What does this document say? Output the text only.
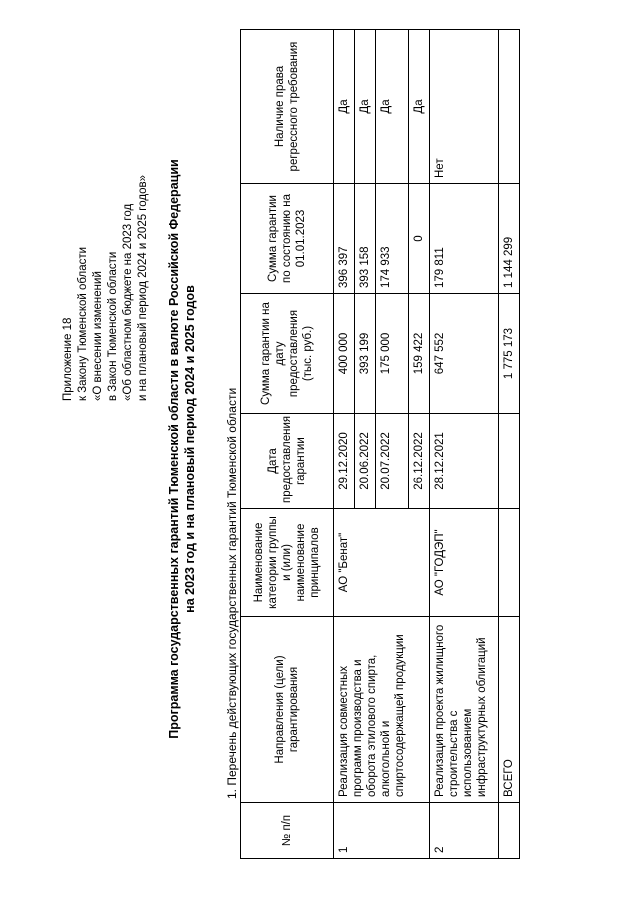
Приложение 18 к Закону Тюменской области «О внесении изменений в Закон Тюменской области «Об областном бюджете на 2023 год и на плановый период 2024 и 2025 годов» Программа государственных гарантий Тюменской области в валюте Российской Федерации на 2023 год и на плановый период 2024 и 2025 годов 1. Перечень действующих государственных гарантий Тюменской области
№ п/п	Направления (цели) гарантирования	Наименование категории группы и (или) наименование принципалов	Дата предоставления гарантии	Сумма гарантии на дату предоставления (тыс. руб.)	Сумма гарантии по состоянию на 01.01.2023	Наличие права регрессного требования
1	Реализация совместных программ производства и оборота этилового спирта, алкогольной и спиртосодержащей продукции	АО "Бенат"	29.12.2020	400 000	396 397	Да
			20.06.2022	393 199	393 158	Да
			20.07.2022	175 000	174 933	Да
			26.12.2022	159 422	0	Да
2	Реализация проекта жилищного строительства с использованием инфраструктурных облигаций	АО "ГОДЭП"	28.12.2021	647 552	179 811	Нет
	ВСЕГО			1 775 173	1 144 299	
